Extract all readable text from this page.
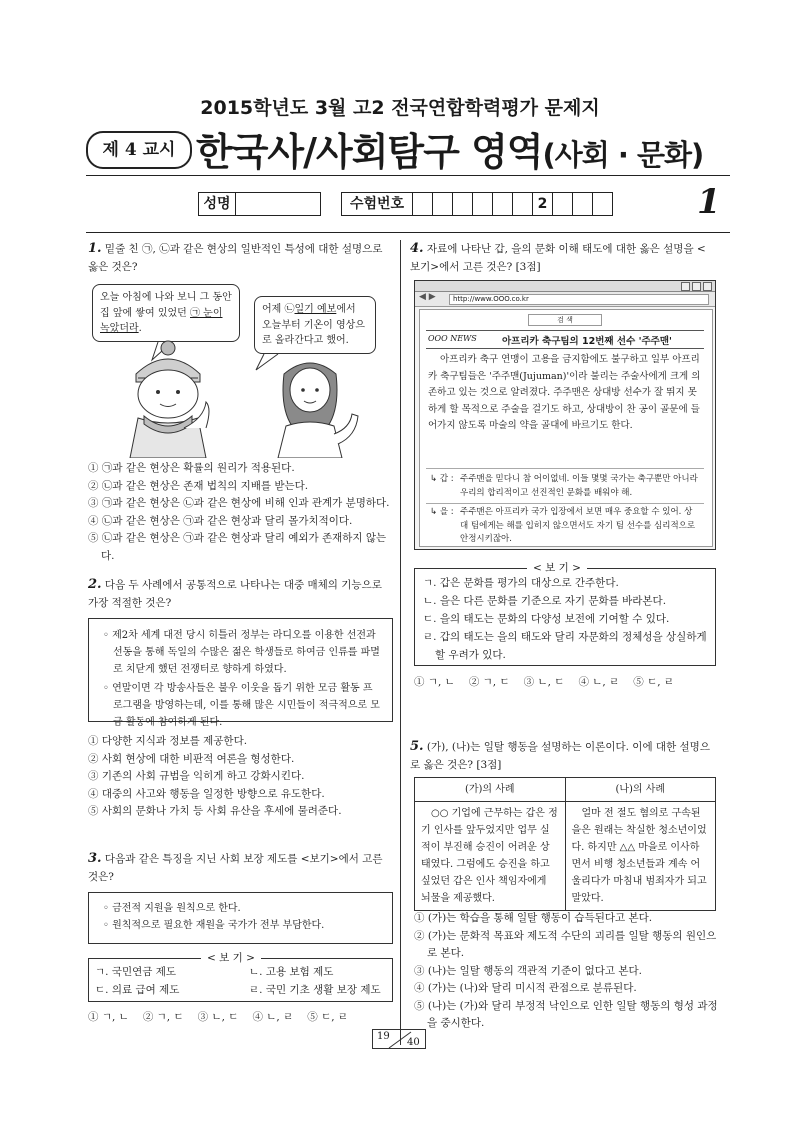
2015학년도 3월 고2 전국연합학력평가 문제지
제 4 교시 한국사/사회탐구 영역(사회 · 문화)
성명	수험번호	2	1
1. 밑줄 친 ㉠, ㉡과 같은 현상의 일반적인 특성에 대한 설명으로 옳은 것은?
오늘 아침에 나와 보니 그 동안 집 앞에 쌓여 있었던 ㉠ 눈이 녹았더라.
어제 ㉡일기 예보에서 오늘부터 기온이 영상으로 올라간다고 했어.
① ㉠과 같은 현상은 확률의 원리가 적용된다.
② ㉡과 같은 현상은 존재 법칙의 지배를 받는다.
③ ㉠과 같은 현상은 ㉡과 같은 현상에 비해 인과 관계가 분명하다.
④ ㉡과 같은 현상은 ㉠과 같은 현상과 달리 몰가치적이다.
⑤ ㉡과 같은 현상은 ㉠과 같은 현상과 달리 예외가 존재하지 않는다.
2. 다음 두 사례에서 공통적으로 나타나는 대중 매체의 기능으로 가장 적절한 것은?
◦ 제2차 세계 대전 당시 히틀러 정부는 라디오를 이용한 선전과 선동을 통해 독일의 수많은 젊은 학생들로 하여금 인류를 파멸로 치닫게 했던 전쟁터로 향하게 하였다.
◦ 연말이면 각 방송사들은 불우 이웃을 돕기 위한 모금 활동 프로그램을 방영하는데, 이를 통해 많은 시민들이 적극적으로 모금 활동에 참여하게 된다.
① 다양한 지식과 정보를 제공한다.
② 사회 현상에 대한 비판적 여론을 형성한다.
③ 기존의 사회 규범을 익히게 하고 강화시킨다.
④ 대중의 사고와 행동을 일정한 방향으로 유도한다.
⑤ 사회의 문화나 가치 등 사회 유산을 후세에 물려준다.
3. 다음과 같은 특징을 지닌 사회 보장 제도를 <보기>에서 고른 것은?
◦ 금전적 지원을 원칙으로 한다.
◦ 원칙적으로 필요한 재원을 국가가 전부 부담한다.
< 보 기 >
ㄱ. 국민연금 제도	ㄴ. 고용 보험 제도
ㄷ. 의료 급여 제도	ㄹ. 국민 기초 생활 보장 제도
① ㄱ, ㄴ ② ㄱ, ㄷ ③ ㄴ, ㄷ ④ ㄴ, ㄹ ⑤ ㄷ, ㄹ
4. 자료에 나타난 갑, 을의 문화 이해 태도에 대한 옳은 설명을 <보기>에서 고른 것은? [3점]
◀ ▶	http://www.OOO.co.kr
검 색
OOO NEWS	아프리카 축구팀의 12번째 선수 '주주맨'
아프리카 축구 연맹이 고용을 금지함에도 불구하고 일부 아프리카 축구팀들은 '주주맨(Jujuman)'이라 불리는 주술사에게 크게 의존하고 있는 것으로 알려졌다. 주주맨은 상대방 선수가 잘 뛰지 못하게 할 목적으로 주술을 걸기도 하고, 상대방이 찬 공이 골문에 들어가지 않도록 마술의 약을 골대에 바르기도 한다.
↳ 갑 : 주주맨을 믿다니 참 어이없네. 이들 몇몇 국가는 축구뿐만 아니라 우리의 합리적이고 선진적인 문화를 배워야 해.
↳ 을 : 주주맨은 아프리카 국가 입장에서 보면 매우 중요할 수 있어. 상대 팀에게는 해를 입히지 않으면서도 자기 팀 선수를 심리적으로 안정시키잖아.
< 보 기 >
ㄱ. 갑은 문화를 평가의 대상으로 간주한다.
ㄴ. 을은 다른 문화를 기준으로 자기 문화를 바라본다.
ㄷ. 을의 태도는 문화의 다양성 보전에 기여할 수 있다.
ㄹ. 갑의 태도는 을의 태도와 달리 자문화의 정체성을 상실하게 할 우려가 있다.
① ㄱ, ㄴ ② ㄱ, ㄷ ③ ㄴ, ㄷ ④ ㄴ, ㄹ ⑤ ㄷ, ㄹ
5. (가), (나)는 일탈 행동을 설명하는 이론이다. 이에 대한 설명으로 옳은 것은? [3점]
(가)의 사례	(나)의 사례
○○ 기업에 근무하는 갑은 정기 인사를 앞두었지만 업무 실적이 부진해 승진이 어려운 상태였다. 그럼에도 승진을 하고 싶었던 갑은 인사 책임자에게 뇌물을 제공했다.	얼마 전 절도 혐의로 구속된 을은 원래는 착실한 청소년이었다. 하지만 △△ 마을로 이사하면서 비행 청소년들과 계속 어울리다가 마침내 범죄자가 되고 말았다.
① (가)는 학습을 통해 일탈 행동이 습득된다고 본다.
② (가)는 문화적 목표와 제도적 수단의 괴리를 일탈 행동의 원인으로 본다.
③ (나)는 일탈 행동의 객관적 기준이 없다고 본다.
④ (가)는 (나)와 달리 미시적 관점으로 분류된다.
⑤ (나)는 (가)와 달리 부정적 낙인으로 인한 일탈 행동의 형성 과정을 중시한다.
19
40
